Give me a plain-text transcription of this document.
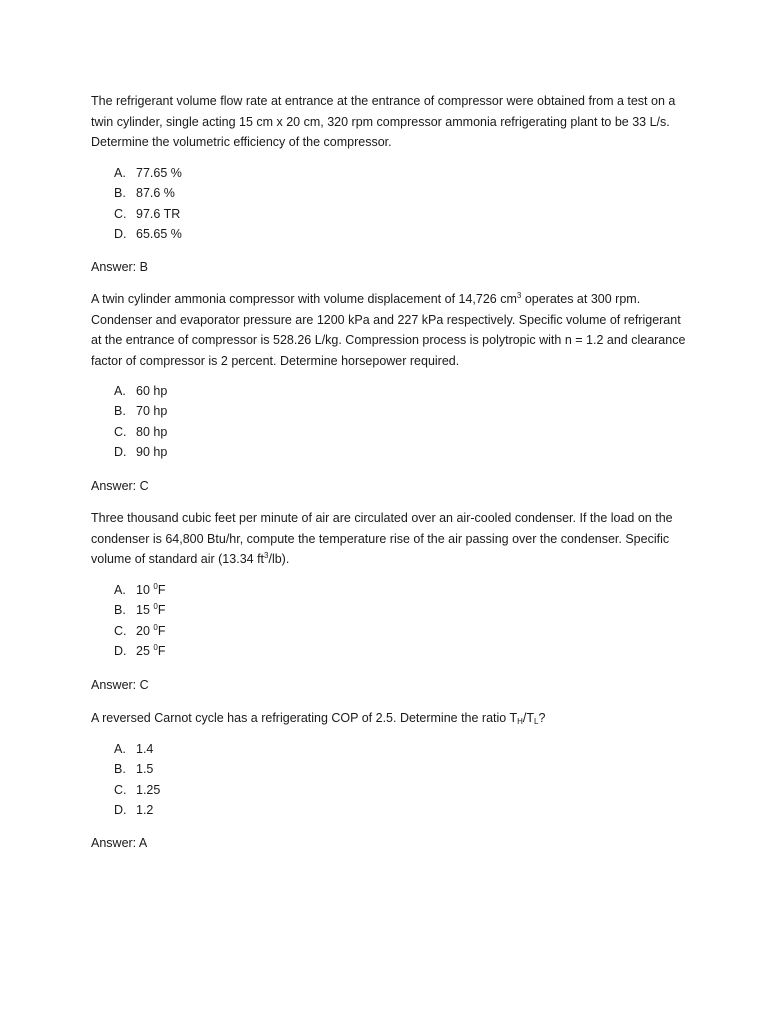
The refrigerant volume flow rate at entrance at the entrance of compressor were obtained from a test on a twin cylinder, single acting 15 cm x 20 cm, 320 rpm compressor ammonia refrigerating plant to be 33 L/s. Determine the volumetric efficiency of the compressor.

A. 77.65 %
B. 87.6 %
C. 97.6 TR
D. 65.65 %

Answer: B

A twin cylinder ammonia compressor with volume displacement of 14,726 $cm^3$ operates at 300 rpm. Condenser and evaporator pressure are 1200 kPa and 227 kPa respectively. Specific volume of refrigerant at the entrance of compressor is 528.26 L/kg. Compression process is polytropic with n = 1.2 and clearance factor of compressor is 2 percent. Determine horsepower required.

A. 60 hp
B. 70 hp
C. 80 hp
D. 90 hp

Answer: C

Three thousand cubic feet per minute of air are circulated over an air-cooled condenser. If the load on the condenser is 64,800 Btu/hr, compute the temperature rise of the air passing over the condenser. Specific volume of standard air (13.34 $ft^3/lb$).

A. 10 $^0$F
B. 15 $^0$F
C. 20 $^0$F
D. 25 $^0$F

Answer: C

A reversed Carnot cycle has a refrigerating COP of 2.5. Determine the ratio $T_H/T_L$?

A. 1.4
B. 1.5
C. 1.25
D. 1.2

Answer: A
